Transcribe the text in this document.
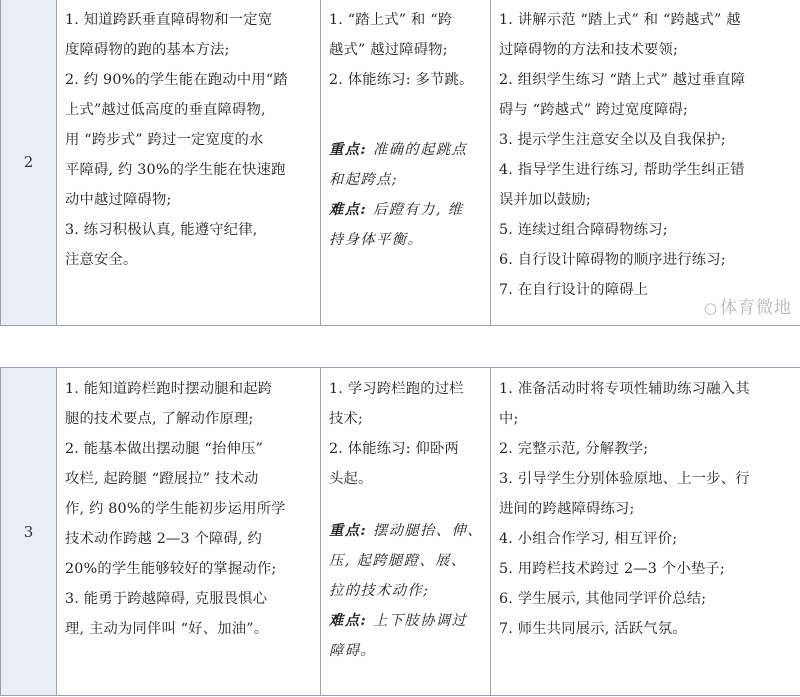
2	
1. 知道跨跃垂直障碍物和一定宽
度障碍物的跑的基本方法;
2. 约 90%的学生能在跑动中用“踏
上式”越过低高度的垂直障碍物,
用 “跨步式” 跨过一定宽度的水
平障碍, 约 30%的学生能在快速跑
动中越过障碍物;
3. 练习积极认真, 能遵守纪律,
注意安全。

1. “踏上式” 和 “跨
越式” 越过障碍物;
2. 体能练习: 多节跳。
重点: 准确的起跳点
和起跨点;
难点: 后蹬有力, 维
持身体平衡。

1. 讲解示范 “踏上式” 和 “跨越式” 越
过障碍物的方法和技术要领;
2. 组织学生练习 “踏上式” 越过垂直障
碍与 “跨越式” 跨过宽度障碍;
3. 提示学生注意安全以及自我保护;
4. 指导学生进行练习, 帮助学生纠正错
误并加以鼓励;
5. 连续过组合障碍物练习;
6. 自行设计障碍物的顺序进行练习;
7. 在自行设计的障碍上
○ 体育微地
3	
1. 能知道跨栏跑时摆动腿和起跨
腿的技术要点, 了解动作原理;
2. 能基本做出摆动腿 “抬伸压”
攻栏, 起跨腿 “蹬展拉” 技术动
作, 约 80%的学生能初步运用所学
技术动作跨越 2—3 个障碍, 约
20%的学生能够较好的掌握动作;
3. 能勇于跨越障碍, 克服畏惧心
理, 主动为同伴叫 “好、加油”。

1. 学习跨栏跑的过栏
技术;
2. 体能练习: 仰卧两
头起。
重点: 摆动腿抬、伸、
压, 起跨腿蹬、展、
拉的技术动作;
难点: 上下肢协调过
障碍。

1. 准备活动时将专项性辅助练习融入其
中;
2. 完整示范, 分解教学;
3. 引导学生分别体验原地、上一步、行
进间的跨越障碍练习;
4. 小组合作学习, 相互评价;
5. 用跨栏技术跨过 2—3 个小垫子;
6. 学生展示, 其他同学评价总结;
7. 师生共同展示, 活跃气氛。
